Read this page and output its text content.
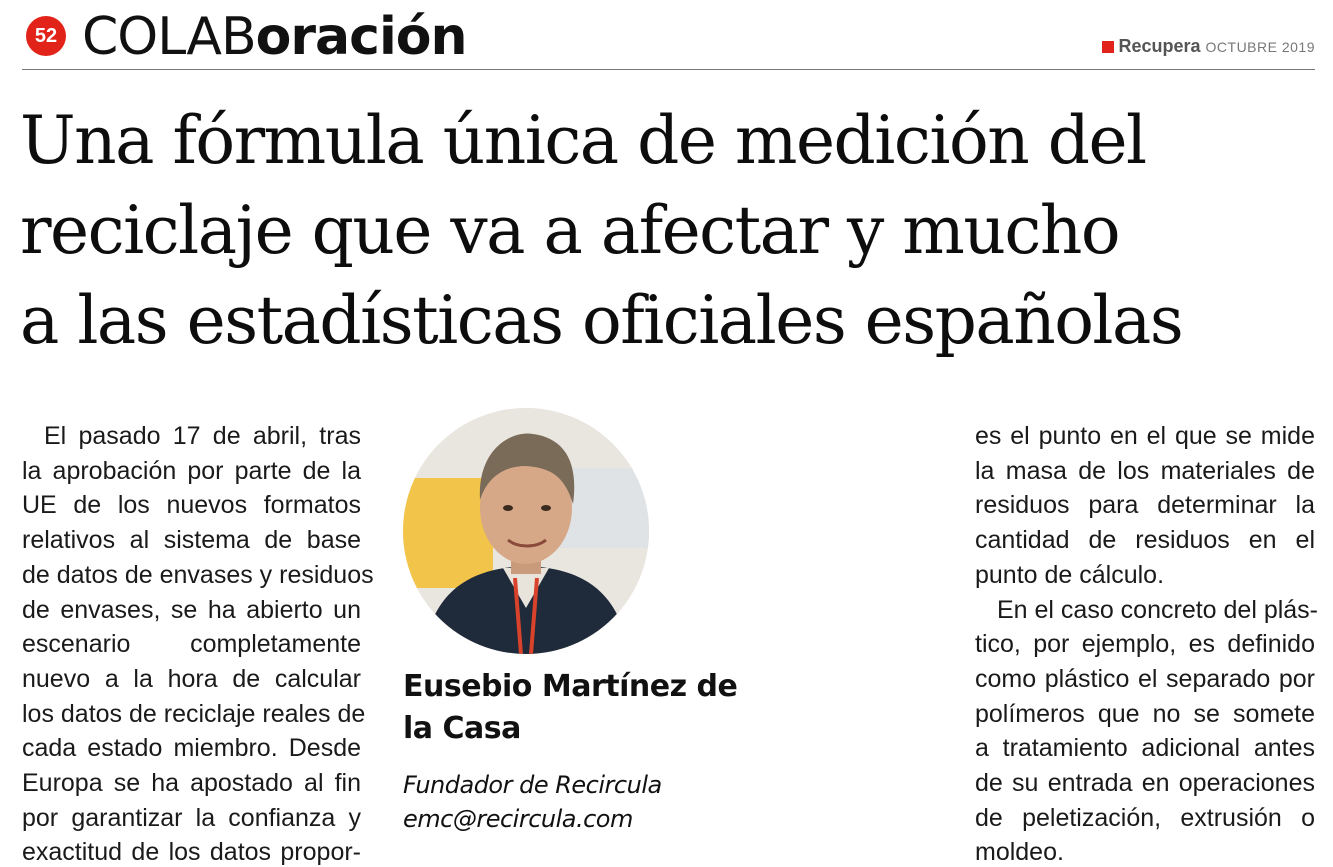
52 COLABoración	Recupera OCTUBRE 2019
Una fórmula única de medición del
reciclaje que va a afectar y mucho
a las estadísticas oficiales españolas
El pasado 17 de abril, tras
la aprobación por parte de la
UE de los nuevos formatos
relativos al sistema de base
de datos de envases y residuos
de envases, se ha abierto un
escenario completamente
nuevo a la hora de calcular
los datos de reciclaje reales de
cada estado miembro. Desde
Europa se ha apostado al fin
por garantizar la confianza y
exactitud de los datos propor-
Eusebio Martínez de
la Casa
Fundador de Recircula
emc@recircula.com
es el punto en el que se mide
la masa de los materiales de
residuos para determinar la
cantidad de residuos en el
punto de cálculo.
En el caso concreto del plás-
tico, por ejemplo, es definido
como plástico el separado por
polímeros que no se somete
a tratamiento adicional antes
de su entrada en operaciones
de peletización, extrusión o
moldeo.
